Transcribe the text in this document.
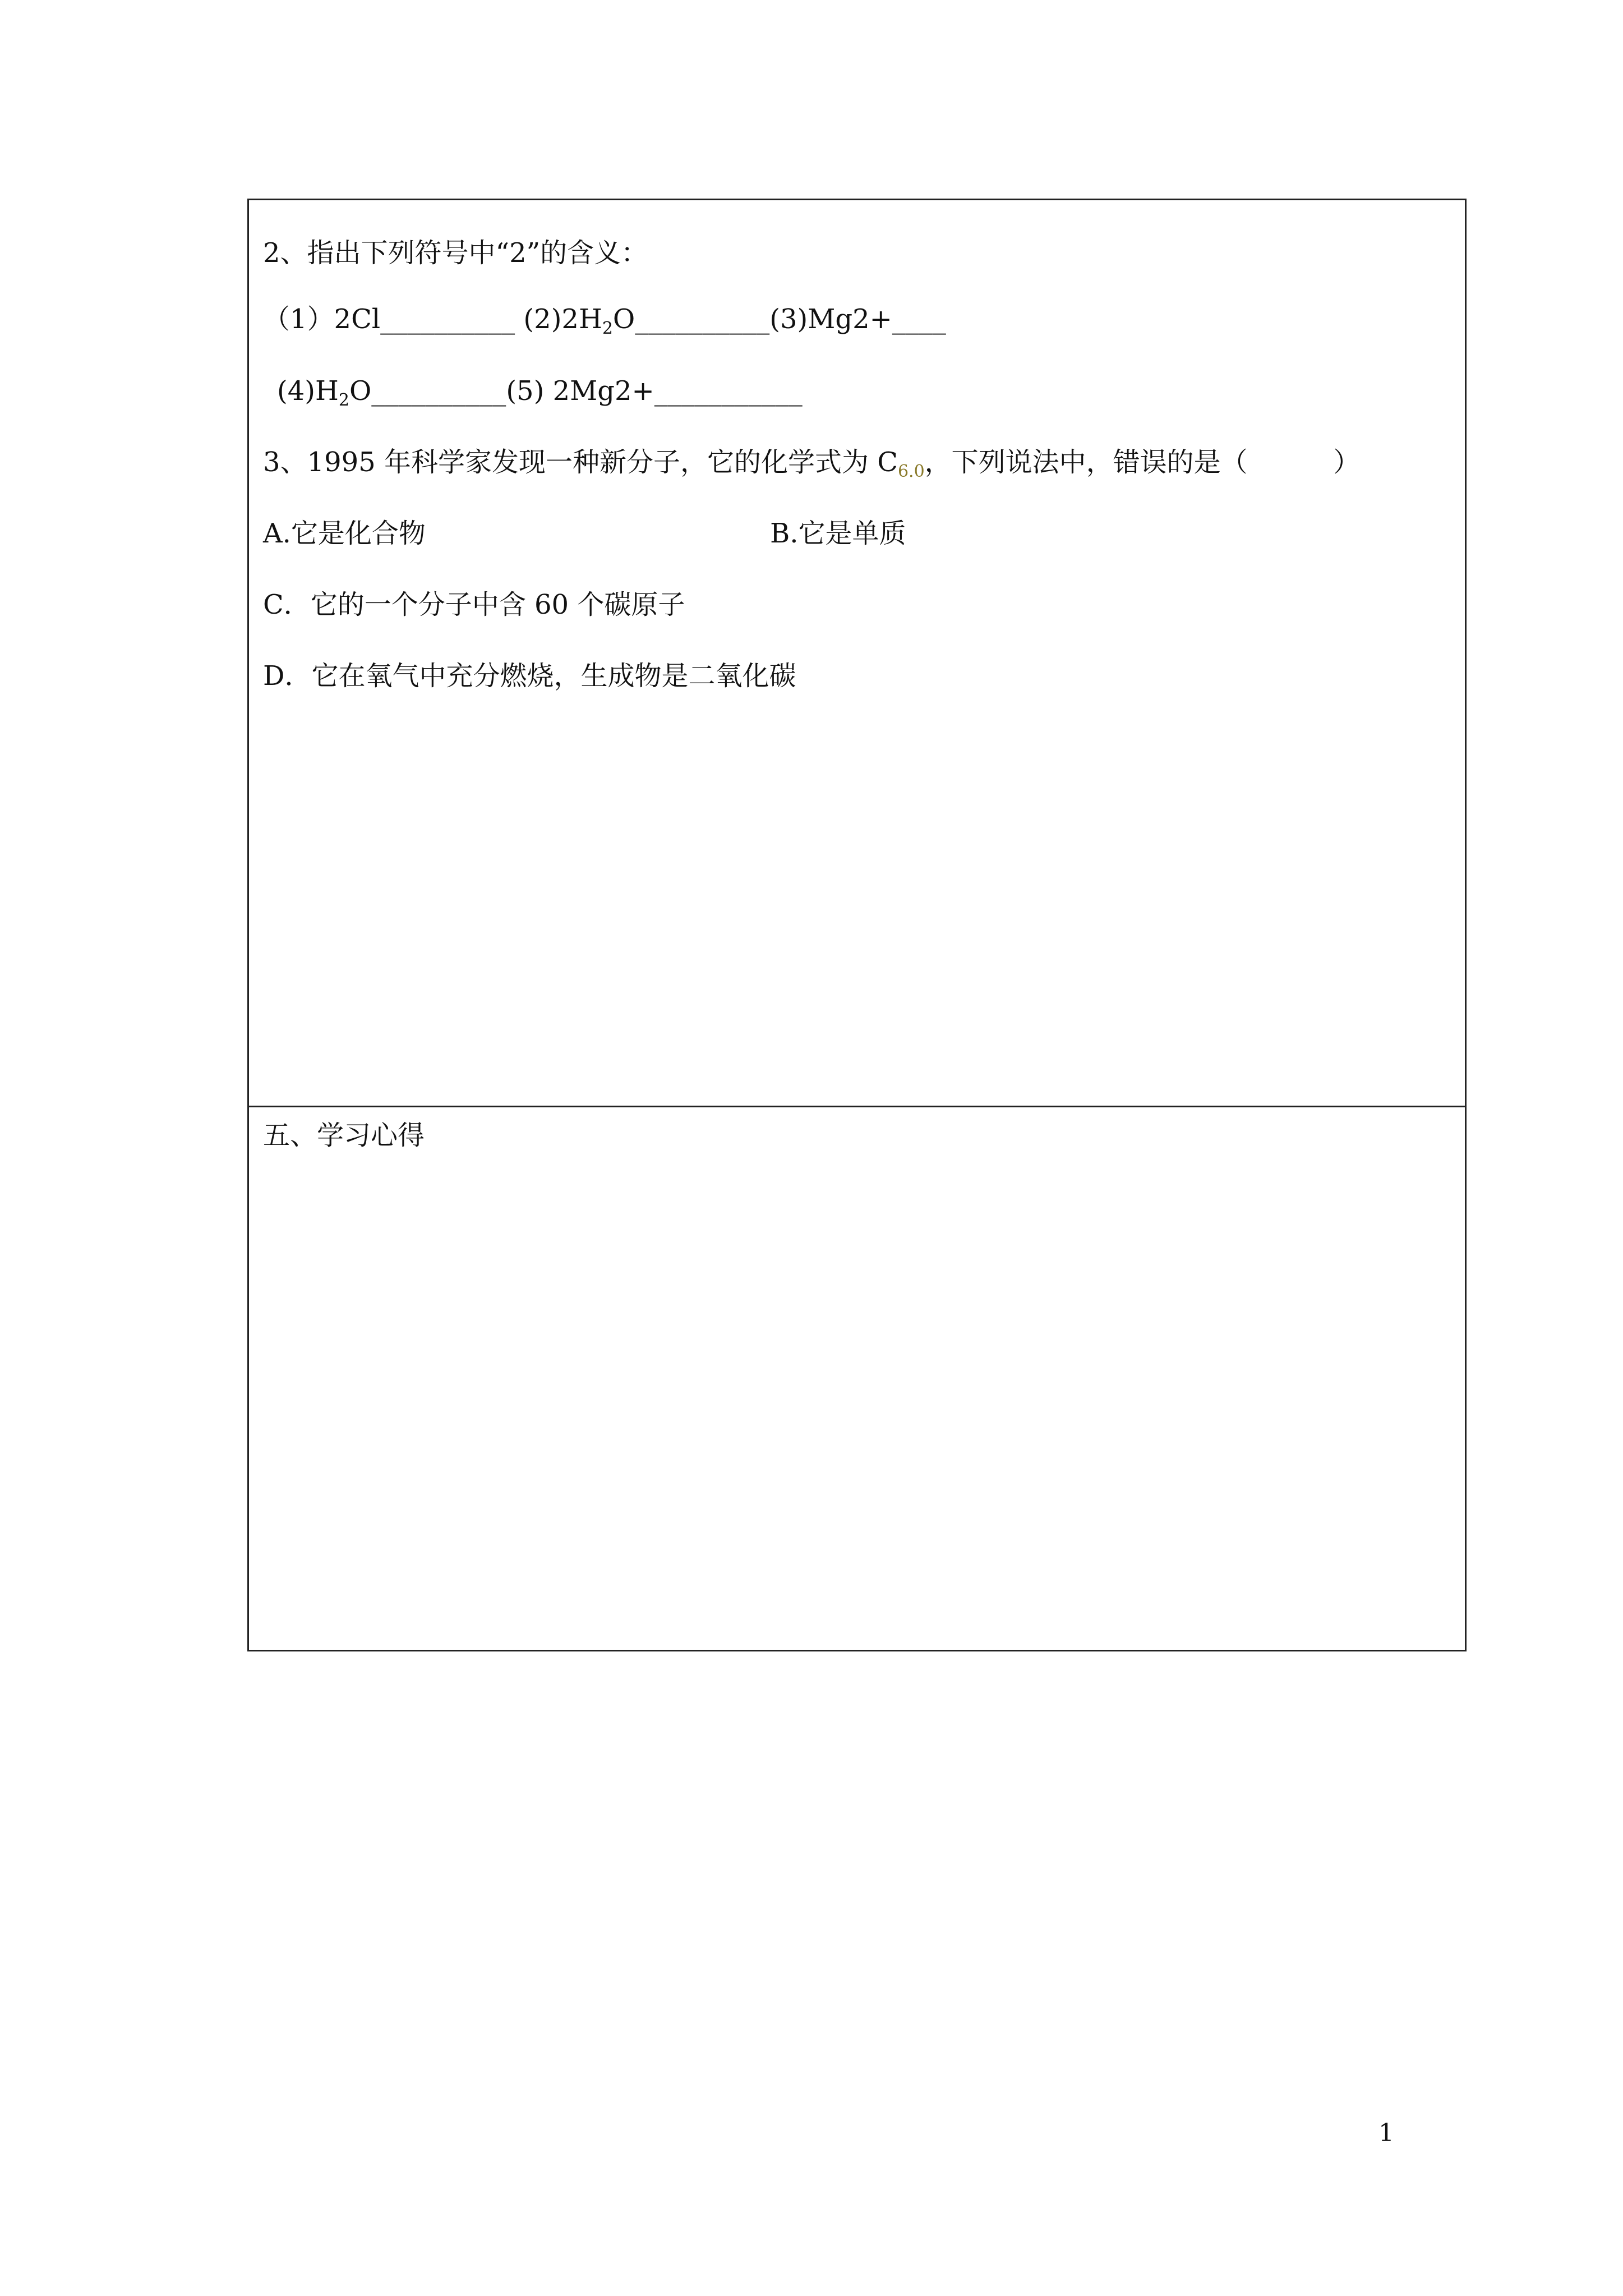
2、指出下列符号中“2”的含义：
（1）2Cl__________ $(2)2H_2O\_\_\_\_\_\_\_\_\_\_(3)Mg2+\_\_\_\_$
$(4)H_2O\_\_\_\_\_\_\_\_\_\_(5)$ 2Mg2+___________
3、1995 年科学家发现一种新分子，它的化学式为 $C_{6.0}$，下列说法中，错误的是（          ）
A.它是化合物	B.它是单质
C．它的一个分子中含 60 个碳原子
D．它在氧气中充分燃烧，生成物是二氧化碳
五、学习心得
1
